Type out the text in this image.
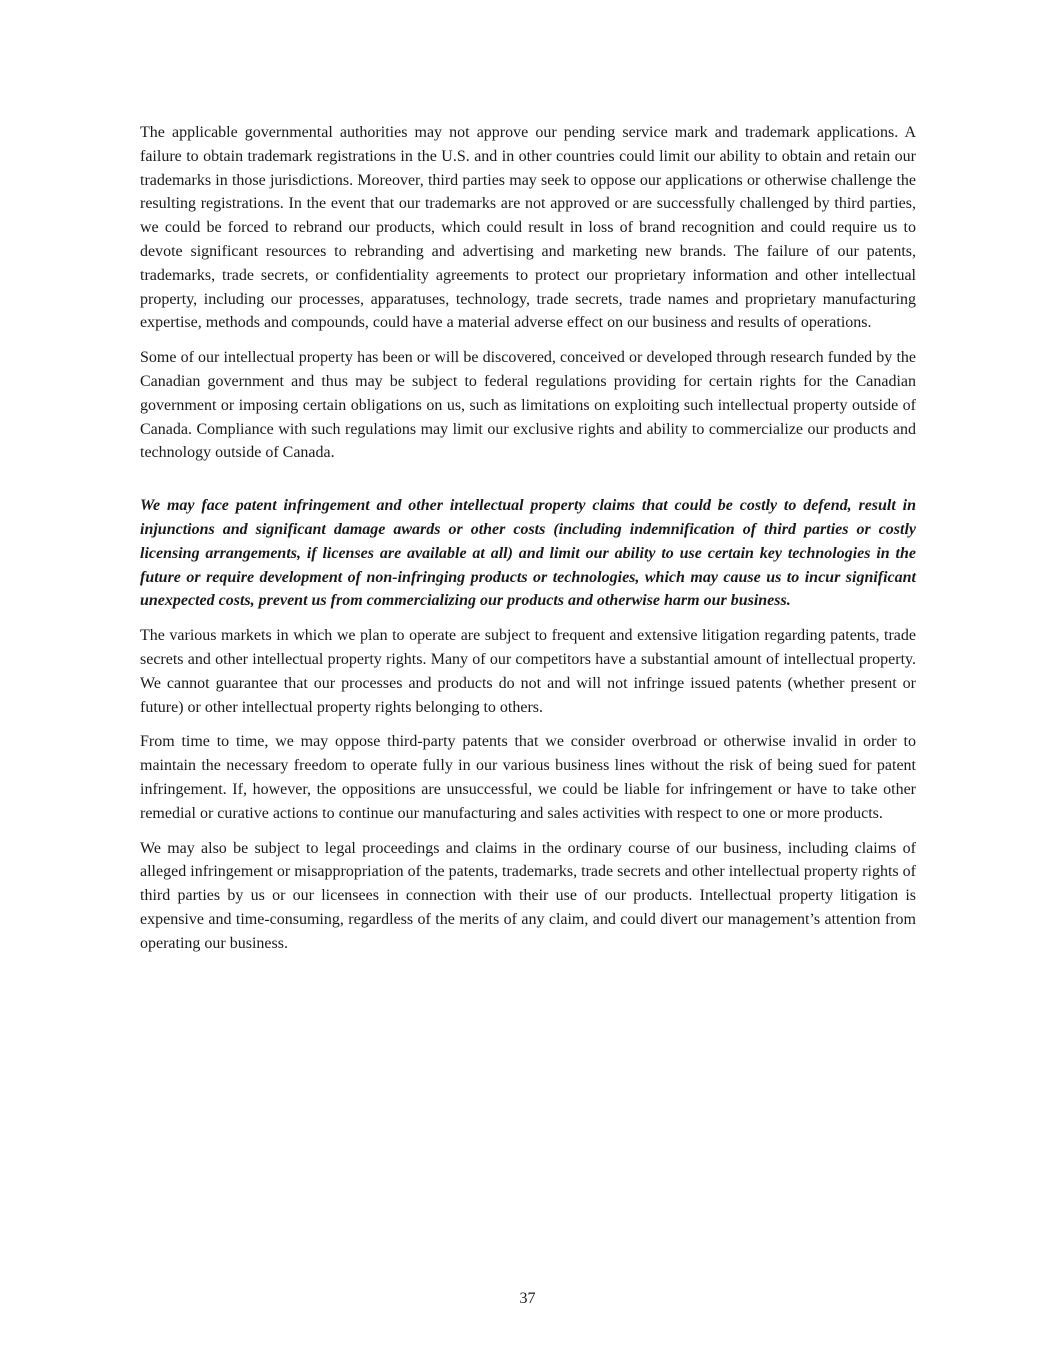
The applicable governmental authorities may not approve our pending service mark and trademark applications. A failure to obtain trademark registrations in the U.S. and in other countries could limit our ability to obtain and retain our trademarks in those jurisdictions. Moreover, third parties may seek to oppose our applications or otherwise challenge the resulting registrations. In the event that our trademarks are not approved or are successfully challenged by third parties, we could be forced to rebrand our products, which could result in loss of brand recognition and could require us to devote significant resources to rebranding and advertising and marketing new brands. The failure of our patents, trademarks, trade secrets, or confidentiality agreements to protect our proprietary information and other intellectual property, including our processes, apparatuses, technology, trade secrets, trade names and proprietary manufacturing expertise, methods and compounds, could have a material adverse effect on our business and results of operations.

Some of our intellectual property has been or will be discovered, conceived or developed through research funded by the Canadian government and thus may be subject to federal regulations providing for certain rights for the Canadian government or imposing certain obligations on us, such as limitations on exploiting such intellectual property outside of Canada. Compliance with such regulations may limit our exclusive rights and ability to commercialize our products and technology outside of Canada.

We may face patent infringement and other intellectual property claims that could be costly to defend, result in injunctions and significant damage awards or other costs (including indemnification of third parties or costly licensing arrangements, if licenses are available at all) and limit our ability to use certain key technologies in the future or require development of non-infringing products or technologies, which may cause us to incur significant unexpected costs, prevent us from commercializing our products and otherwise harm our business.

The various markets in which we plan to operate are subject to frequent and extensive litigation regarding patents, trade secrets and other intellectual property rights. Many of our competitors have a substantial amount of intellectual property. We cannot guarantee that our processes and products do not and will not infringe issued patents (whether present or future) or other intellectual property rights belonging to others.

From time to time, we may oppose third-party patents that we consider overbroad or otherwise invalid in order to maintain the necessary freedom to operate fully in our various business lines without the risk of being sued for patent infringement. If, however, the oppositions are unsuccessful, we could be liable for infringement or have to take other remedial or curative actions to continue our manufacturing and sales activities with respect to one or more products.

We may also be subject to legal proceedings and claims in the ordinary course of our business, including claims of alleged infringement or misappropriation of the patents, trademarks, trade secrets and other intellectual property rights of third parties by us or our licensees in connection with their use of our products. Intellectual property litigation is expensive and time-consuming, regardless of the merits of any claim, and could divert our management’s attention from operating our business.

37
